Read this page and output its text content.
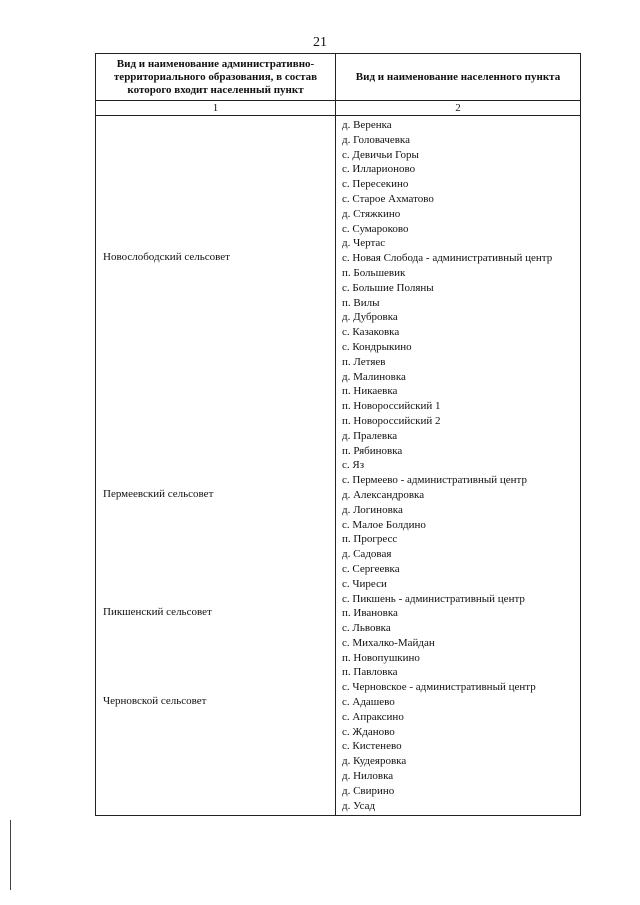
21
Вид и наименование административно-территориального образования, в состав которого входит населенный пункт
Вид и наименование населенного пункта
1	2
Новослободский сельсовет
Пермеевский сельсовет
Пикшенский сельсовет
Черновской сельсовет
д. Веренка
д. Головачевка
с. Девичьи Горы
с. Илларионово
с. Пересекино
с. Старое Ахматово
д. Стяжкино
с. Сумароково
д. Чертас
с. Новая Слобода - административный центр
п. Большевик
с. Большие Поляны
п. Вилы
д. Дубровка
с. Казаковка
с. Кондрыкино
п. Летяев
д. Малиновка
п. Никаевка
п. Новороссийский 1
п. Новороссийский 2
д. Пралевка
п. Рябиновка
с. Яз
с. Пермеево - административный центр
д. Александровка
д. Логиновка
с. Малое Болдино
п. Прогресс
д. Садовая
с. Сергеевка
с. Чиреси
с. Пикшень - административный центр
п. Ивановка
с. Львовка
с. Михалко-Майдан
п. Новопушкино
п. Павловка
с. Черновское - административный центр
с. Адашево
с. Апраксино
с. Жданово
с. Кистенево
д. Кудеяровка
д. Ниловка
д. Свирино
д. Усад
